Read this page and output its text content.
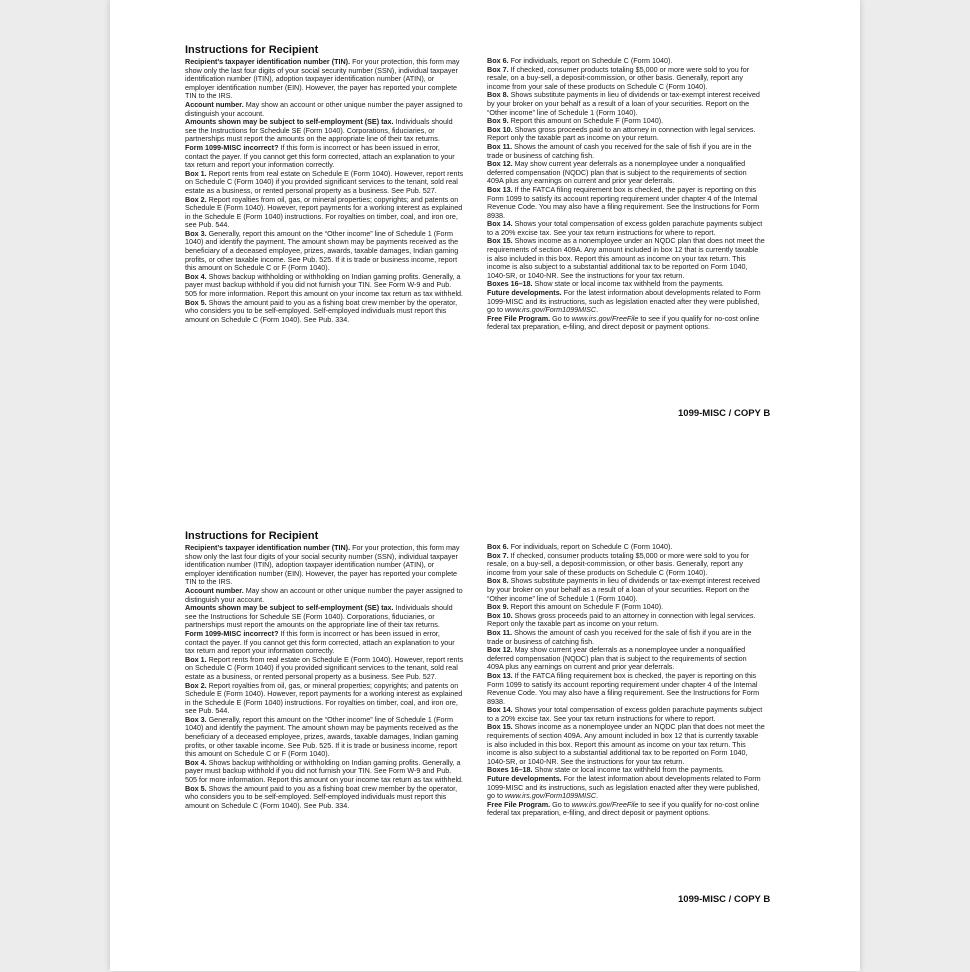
Instructions for Recipient

Recipient’s taxpayer identification number (TIN). For your protection, this form may show only the last four digits of your social security number (SSN), individual taxpayer identification number (ITIN), adoption taxpayer identification number (ATIN), or employer identification number (EIN). However, the payer has reported your complete TIN to the IRS.

Account number. May show an account or other unique number the payer assigned to distinguish your account.

Amounts shown may be subject to self-employment (SE) tax. Individuals should see the Instructions for Schedule SE (Form 1040). Corporations, fiduciaries, or partnerships must report the amounts on the appropriate line of their tax returns.

Form 1099-MISC incorrect? If this form is incorrect or has been issued in error, contact the payer. If you cannot get this form corrected, attach an explanation to your tax return and report your information correctly.

Box 1. Report rents from real estate on Schedule E (Form 1040). However, report rents on Schedule C (Form 1040) if you provided significant services to the tenant, sold real estate as a business, or rented personal property as a business. See Pub. 527.

Box 2. Report royalties from oil, gas, or mineral properties; copyrights; and patents on Schedule E (Form 1040). However, report payments for a working interest as explained in the Schedule E (Form 1040) instructions. For royalties on timber, coal, and iron ore, see Pub. 544.

Box 3. Generally, report this amount on the “Other income” line of Schedule 1 (Form 1040) and identify the payment. The amount shown may be payments received as the beneficiary of a deceased employee, prizes, awards, taxable damages, Indian gaming profits, or other taxable income. See Pub. 525. If it is trade or business income, report this amount on Schedule C or F (Form 1040).

Box 4. Shows backup withholding or withholding on Indian gaming profits. Generally, a payer must backup withhold if you did not furnish your TIN. See Form W-9 and Pub. 505 for more information. Report this amount on your income tax return as tax withheld.

Box 5. Shows the amount paid to you as a fishing boat crew member by the operator, who considers you to be self-employed. Self-employed individuals must report this amount on Schedule C (Form 1040). See Pub. 334.

Box 6. For individuals, report on Schedule C (Form 1040).

Box 7. If checked, consumer products totaling $5,000 or more were sold to you for resale, on a buy-sell, a deposit-commission, or other basis. Generally, report any income from your sale of these products on Schedule C (Form 1040).

Box 8. Shows substitute payments in lieu of dividends or tax-exempt interest received by your broker on your behalf as a result of a loan of your securities. Report on the “Other income” line of Schedule 1 (Form 1040).

Box 9. Report this amount on Schedule F (Form 1040).

Box 10. Shows gross proceeds paid to an attorney in connection with legal services. Report only the taxable part as income on your return.

Box 11. Shows the amount of cash you received for the sale of fish if you are in the trade or business of catching fish.

Box 12. May show current year deferrals as a nonemployee under a nonqualified deferred compensation (NQDC) plan that is subject to the requirements of section 409A plus any earnings on current and prior year deferrals.

Box 13. If the FATCA filing requirement box is checked, the payer is reporting on this Form 1099 to satisfy its account reporting requirement under chapter 4 of the Internal Revenue Code. You may also have a filing requirement. See the Instructions for Form 8938.

Box 14. Shows your total compensation of excess golden parachute payments subject to a 20% excise tax. See your tax return instructions for where to report.

Box 15. Shows income as a nonemployee under an NQDC plan that does not meet the requirements of section 409A. Any amount included in box 12 that is currently taxable is also included in this box. Report this amount as income on your tax return. This income is also subject to a substantial additional tax to be reported on Form 1040, 1040-SR, or 1040-NR. See the instructions for your tax return.

Boxes 16–18. Show state or local income tax withheld from the payments.

Future developments. For the latest information about developments related to Form 1099-MISC and its instructions, such as legislation enacted after they were published, go to www.irs.gov/Form1099MISC.

Free File Program. Go to www.irs.gov/FreeFile to see if you qualify for no-cost online federal tax preparation, e-filing, and direct deposit or payment options.

1099-MISC / COPY B
Instructions for Recipient

Recipient’s taxpayer identification number (TIN). For your protection, this form may show only the last four digits of your social security number (SSN), individual taxpayer identification number (ITIN), adoption taxpayer identification number (ATIN), or employer identification number (EIN). However, the payer has reported your complete TIN to the IRS.

Account number. May show an account or other unique number the payer assigned to distinguish your account.

Amounts shown may be subject to self-employment (SE) tax. Individuals should see the Instructions for Schedule SE (Form 1040). Corporations, fiduciaries, or partnerships must report the amounts on the appropriate line of their tax returns.

Form 1099-MISC incorrect? If this form is incorrect or has been issued in error, contact the payer. If you cannot get this form corrected, attach an explanation to your tax return and report your information correctly.

Box 1. Report rents from real estate on Schedule E (Form 1040). However, report rents on Schedule C (Form 1040) if you provided significant services to the tenant, sold real estate as a business, or rented personal property as a business. See Pub. 527.

Box 2. Report royalties from oil, gas, or mineral properties; copyrights; and patents on Schedule E (Form 1040). However, report payments for a working interest as explained in the Schedule E (Form 1040) instructions. For royalties on timber, coal, and iron ore, see Pub. 544.

Box 3. Generally, report this amount on the “Other income” line of Schedule 1 (Form 1040) and identify the payment. The amount shown may be payments received as the beneficiary of a deceased employee, prizes, awards, taxable damages, Indian gaming profits, or other taxable income. See Pub. 525. If it is trade or business income, report this amount on Schedule C or F (Form 1040).

Box 4. Shows backup withholding or withholding on Indian gaming profits. Generally, a payer must backup withhold if you did not furnish your TIN. See Form W-9 and Pub. 505 for more information. Report this amount on your income tax return as tax withheld.

Box 5. Shows the amount paid to you as a fishing boat crew member by the operator, who considers you to be self-employed. Self-employed individuals must report this amount on Schedule C (Form 1040). See Pub. 334.

Box 6. For individuals, report on Schedule C (Form 1040).

Box 7. If checked, consumer products totaling $5,000 or more were sold to you for resale, on a buy-sell, a deposit-commission, or other basis. Generally, report any income from your sale of these products on Schedule C (Form 1040).

Box 8. Shows substitute payments in lieu of dividends or tax-exempt interest received by your broker on your behalf as a result of a loan of your securities. Report on the “Other income” line of Schedule 1 (Form 1040).

Box 9. Report this amount on Schedule F (Form 1040).

Box 10. Shows gross proceeds paid to an attorney in connection with legal services. Report only the taxable part as income on your return.

Box 11. Shows the amount of cash you received for the sale of fish if you are in the trade or business of catching fish.

Box 12. May show current year deferrals as a nonemployee under a nonqualified deferred compensation (NQDC) plan that is subject to the requirements of section 409A plus any earnings on current and prior year deferrals.

Box 13. If the FATCA filing requirement box is checked, the payer is reporting on this Form 1099 to satisfy its account reporting requirement under chapter 4 of the Internal Revenue Code. You may also have a filing requirement. See the Instructions for Form 8938.

Box 14. Shows your total compensation of excess golden parachute payments subject to a 20% excise tax. See your tax return instructions for where to report.

Box 15. Shows income as a nonemployee under an NQDC plan that does not meet the requirements of section 409A. Any amount included in box 12 that is currently taxable is also included in this box. Report this amount as income on your tax return. This income is also subject to a substantial additional tax to be reported on Form 1040, 1040-SR, or 1040-NR. See the instructions for your tax return.

Boxes 16–18. Show state or local income tax withheld from the payments.

Future developments. For the latest information about developments related to Form 1099-MISC and its instructions, such as legislation enacted after they were published, go to www.irs.gov/Form1099MISC.

Free File Program. Go to www.irs.gov/FreeFile to see if you qualify for no-cost online federal tax preparation, e-filing, and direct deposit or payment options.

1099-MISC / COPY B
